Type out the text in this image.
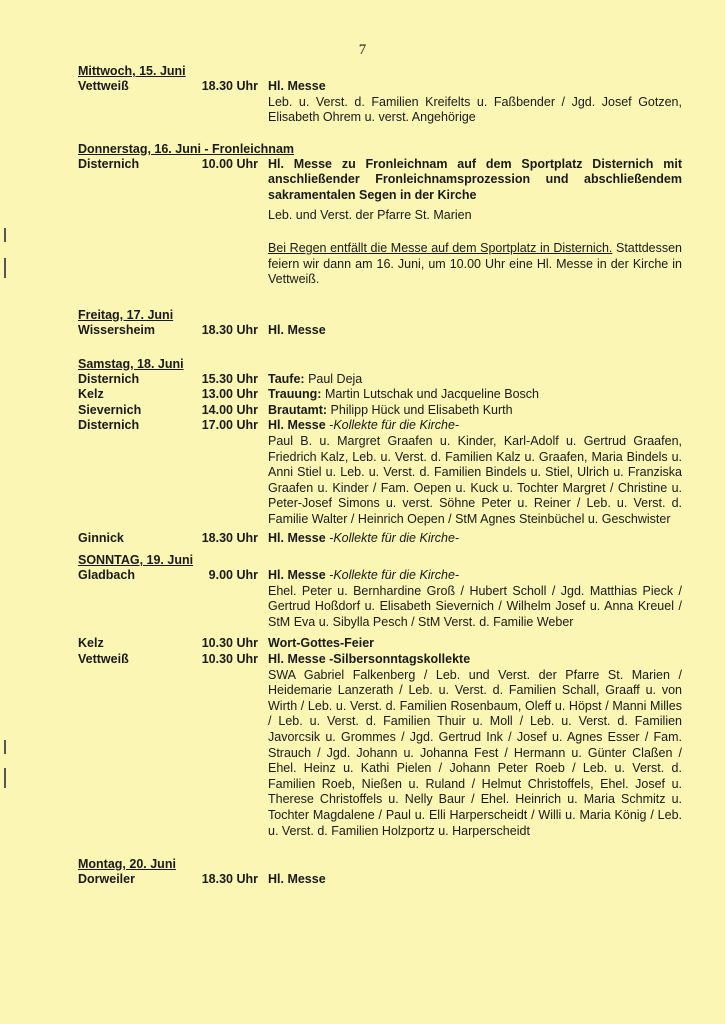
7
Mittwoch, 15. Juni
Vettweiß	18.30 Uhr Hl. Messe
Leb. u. Verst. d. Familien Kreifelts u. Faßbender / Jgd. Josef Gotzen, Elisabeth Ohrem u. verst. Angehörige
Donnerstag, 16. Juni - Fronleichnam
Disternich	10.00 Uhr Hl. Messe zu Fronleichnam auf dem Sportplatz Disternich mit anschließender Fronleichnamsprozession und abschließendem sakramentalen Segen in der Kirche
Leb. und Verst. der Pfarre St. Marien
Bei Regen entfällt die Messe auf dem Sportplatz in Disternich. Stattdessen feiern wir dann am 16. Juni, um 10.00 Uhr eine Hl. Messe in der Kirche in Vettweiß.
Freitag, 17. Juni
Wissersheim	18.30 Uhr Hl. Messe
Samstag, 18. Juni
Disternich	15.30 Uhr Taufe: Paul Deja
Kelz	13.00 Uhr Trauung: Martin Lutschak und Jacqueline Bosch
Sievernich	14.00 Uhr Brautamt: Philipp Hück und Elisabeth Kurth
Disternich	17.00 Uhr Hl. Messe -Kollekte für die Kirche-
Paul B. u. Margret Graafen u. Kinder, Karl-Adolf u. Gertrud Graafen, Friedrich Kalz, Leb. u. Verst. d. Familien Kalz u. Graafen, Maria Bindels u. Anni Stiel u. Leb. u. Verst. d. Familien Bindels u. Stiel, Ulrich u. Franziska Graafen u. Kinder / Fam. Oepen u. Kuck u. Tochter Margret / Christine u. Peter-Josef Simons u. verst. Söhne Peter u. Reiner / Leb. u. Verst. d. Familie Walter / Heinrich Oepen / StM Agnes Steinbüchel u. Geschwister
Ginnick	18.30 Uhr Hl. Messe -Kollekte für die Kirche-
SONNTAG, 19. Juni
Gladbach	9.00 Uhr Hl. Messe -Kollekte für die Kirche-
Ehel. Peter u. Bernhardine Groß / Hubert Scholl / Jgd. Matthias Pieck / Gertrud Hoßdorf u. Elisabeth Sievernich / Wilhelm Josef u. Anna Kreuel / StM Eva u. Sibylla Pesch / StM Verst. d. Familie Weber
Kelz	10.30 Uhr Wort-Gottes-Feier
Vettweiß	10.30 Uhr Hl. Messe -Silbersonntagskollekte
SWA Gabriel Falkenberg / Leb. und Verst. der Pfarre St. Marien / Heidemarie Lanzerath / Leb. u. Verst. d. Familien Schall, Graaff u. von Wirth / Leb. u. Verst. d. Familien Rosenbaum, Oleff u. Höpst / Manni Milles / Leb. u. Verst. d. Familien Thuir u. Moll / Leb. u. Verst. d. Familien Javorcsik u. Grommes / Jgd. Gertrud Ink / Josef u. Agnes Esser / Fam. Strauch / Jgd. Johann u. Johanna Fest / Hermann u. Günter Claßen / Ehel. Heinz u. Kathi Pielen / Johann Peter Roeb / Leb. u. Verst. d. Familien Roeb, Nießen u. Ruland / Helmut Christoffels, Ehel. Josef u. Therese Christoffels u. Nelly Baur / Ehel. Heinrich u. Maria Schmitz u. Tochter Magdalene / Paul u. Elli Harperscheidt / Willi u. Maria König / Leb. u. Verst. d. Familien Holzportz u. Harperscheidt
Montag, 20. Juni
Dorweiler	18.30 Uhr Hl. Messe
